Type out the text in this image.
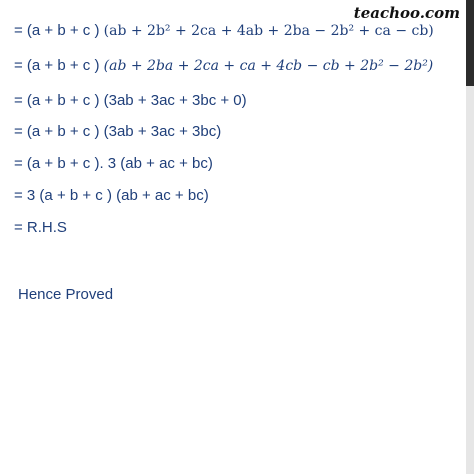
teachoo.com
= (a + b + c ) (ab + 2b² + 2ca + 4ab + 2ba − 2b² + ca − cb)
= (a + b + c ) (ab + 2ba + 2ca + ca + 4cb − cb + 2b² − 2b²)
= (a + b + c ) (3ab + 3ac + 3bc + 0)
= (a + b + c ) (3ab + 3ac + 3bc)
= (a + b + c ). 3 (ab + ac + bc)
= 3 (a + b + c ) (ab + ac + bc)
= R.H.S
Hence Proved
